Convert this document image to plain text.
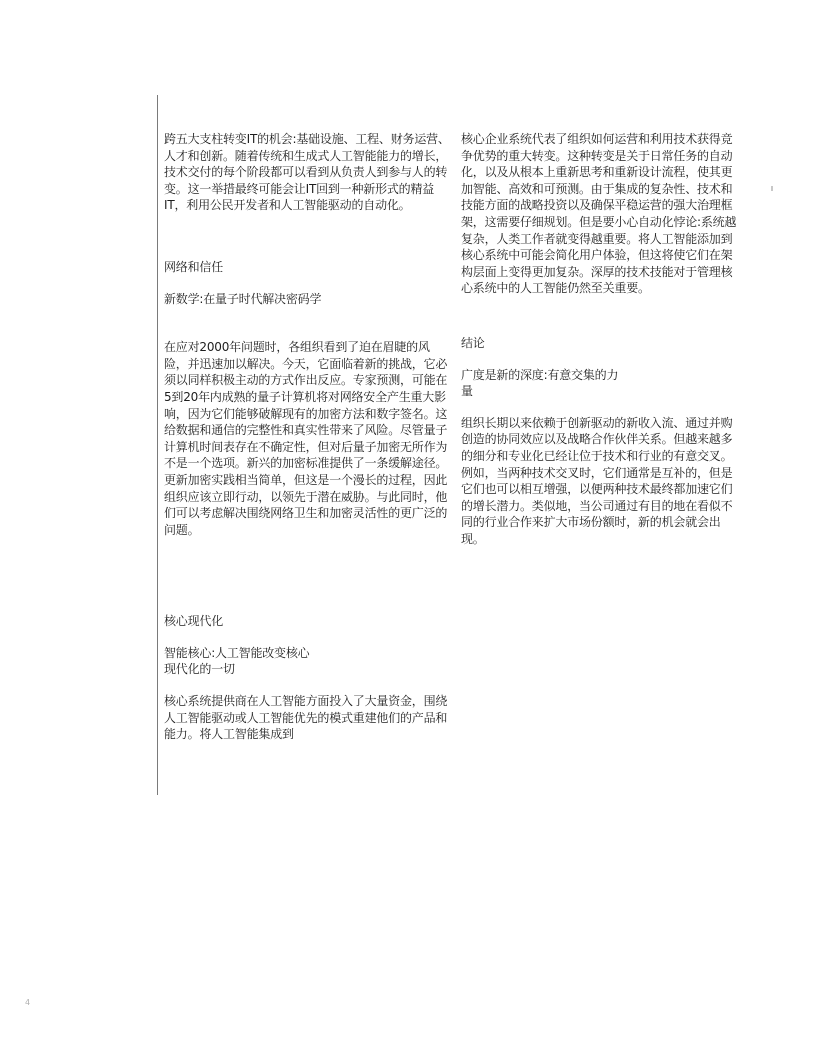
跨五大支柱转变IT的机会:基础设施、工程、财务运营、人才和创新。随着传统和生成式人工智能能力的增长，技术交付的每个阶段都可以看到从负责人到参与人的转变。这一举措最终可能会让IT回到一种新形式的精益IT，利用公民开发者和人工智能驱动的自动化。

网络和信任

新数学:在量子时代解决密码学

在应对2000年问题时，各组织看到了迫在眉睫的风险，并迅速加以解决。今天，它面临着新的挑战，它必须以同样积极主动的方式作出反应。专家预测，可能在5到20年内成熟的量子计算机将对网络安全产生重大影响，因为它们能够破解现有的加密方法和数字签名。这给数据和通信的完整性和真实性带来了风险。尽管量子计算机时间表存在不确定性，但对后量子加密无所作为不是一个选项。新兴的加密标准提供了一条缓解途径。更新加密实践相当简单，但这是一个漫长的过程，因此组织应该立即行动，以领先于潜在威胁。与此同时，他们可以考虑解决围绕网络卫生和加密灵活性的更广泛的问题。

核心现代化

智能核心:人工智能改变核心

现代化的一切

核心系统提供商在人工智能方面投入了大量资金，围绕人工智能驱动或人工智能优先的模式重建他们的产品和能力。将人工智能集成到

核心企业系统代表了组织如何运营和利用技术获得竞争优势的重大转变。这种转变是关于日常任务的自动化，以及从根本上重新思考和重新设计流程，使其更加智能、高效和可预测。由于集成的复杂性、技术和技能方面的战略投资以及确保平稳运营的强大治理框架，这需要仔细规划。但是要小心自动化悖论:系统越复杂，人类工作者就变得越重要。将人工智能添加到核心系统中可能会简化用户体验，但这将使它们在架构层面上变得更加复杂。深厚的技术技能对于管理核心系统中的人工智能仍然至关重要。

结论

广度是新的深度:有意交集的力

量

组织长期以来依赖于创新驱动的新收入流、通过并购创造的协同效应以及战略合作伙伴关系。但越来越多的细分和专业化已经让位于技术和行业的有意交叉。例如，当两种技术交叉时，它们通常是互补的，但是它们也可以相互增强，以便两种技术最终都加速它们的增长潜力。类似地，当公司通过有目的地在看似不同的行业合作来扩大市场份额时，新的机会就会出现。

4
